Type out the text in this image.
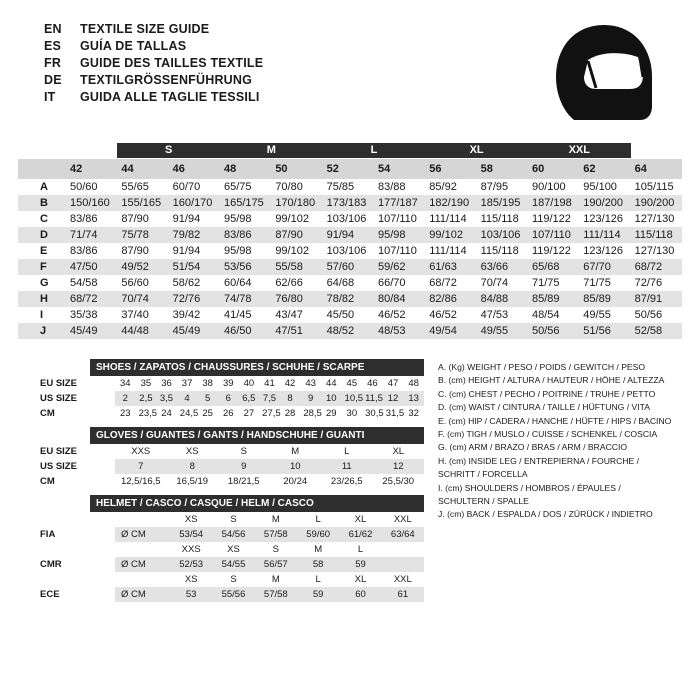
EN	TEXTILE SIZE GUIDE
ES	GUÍA DE TALLAS
FR	GUIDE DES TAILLES TEXTILE
DE	TEXTILGRÖSSENFÜHRUNG
IT	GUIDA ALLE TAGLIE TESSILI

		S		M		L		XL		XXL		

	42	44	46	48	50	52	54	56	58	60	62	64
A	50/60	55/65	60/70	65/75	70/80	75/85	83/88	85/92	87/95	90/100	95/100	105/115
B	150/160	155/165	160/170	165/175	170/180	173/183	177/187	182/190	185/195	187/198	190/200	190/200
C	83/86	87/90	91/94	95/98	99/102	103/106	107/110	111/114	115/118	119/122	123/126	127/130
D	71/74	75/78	79/82	83/86	87/90	91/94	95/98	99/102	103/106	107/110	111/114	115/118
E	83/86	87/90	91/94	95/98	99/102	103/106	107/110	111/114	115/118	119/122	123/126	127/130
F	47/50	49/52	51/54	53/56	55/58	57/60	59/62	61/63	63/66	65/68	67/70	68/72
G	54/58	56/60	58/62	60/64	62/66	64/68	66/70	68/72	70/74	71/75	71/75	72/76
H	68/72	70/74	72/76	74/78	76/80	78/82	80/84	82/86	84/88	85/89	85/89	87/91
I	35/38	37/40	39/42	41/45	43/47	45/50	46/52	46/52	47/53	48/54	49/55	50/56
J	45/49	44/48	45/49	46/50	47/51	48/52	48/53	49/54	49/55	50/56	51/56	52/58
SHOES / ZAPATOS / CHAUSSURES / SCHUHE / SCARPE
EU SIZE	34	35	36	37	38	39	40	41	42	43	44	45	46	47	48
US SIZE	2	2,5	3,5	4	5	6	6,5	7,5	8	9	10	10,5	11,5	12	13
CM	23	23,5	24	24,5	25	26	27	27,5	28	28,5	29	30	30,5	31,5	32
GLOVES / GUANTES / GANTS / HANDSCHUHE / GUANTI
EU SIZE	XXS	XS	S	M	L	XL
US SIZE	7	8	9	10	11	12
CM	12,5/16,5	16,5/19	18/21,5	20/24	23/26,5	25,5/30
HELMET / CASCO / CASQUE / HELM / CASCO
		XS	S	M	L	XL	XXL
FIA	Ø CM	53/54	54/56	57/58	59/60	61/62	63/64
		XXS	XS	S	M	L	
CMR	Ø CM	52/53	54/55	56/57	58	59	
		XS	S	M	L	XL	XXL
ECE	Ø CM	53	55/56	57/58	59	60	61
A. (Kg) WEIGHT / PESO / POIDS / GEWITCH / PESO
B. (cm) HEIGHT / ALTURA / HAUTEUR / HÖHE / ALTEZZA
C. (cm) CHEST / PECHO / POITRINE / TRUHE / PETTO
D. (cm) WAIST / CINTURA / TAILLE / HÜFTUNG / VITA
E. (cm) HIP / CADERA / HANCHE / HÜFTE / HIPS / BACINO
F. (cm) TIGH / MUSLO / CUISSE / SCHENKEL / COSCIA
G. (cm) ARM / BRAZO / BRAS / ARM / BRACCIO
H. (cm) INSIDE LEG / ENTREPIERNA / FOURCHE /
SCHRITT / FORCELLA
I. (cm) SHOULDERS / HOMBROS / ÉPAULES /
SCHULTERN / SPALLE
J. (cm) BACK / ESPALDA / DOS / ZÜRÜCK / INDIETRO
